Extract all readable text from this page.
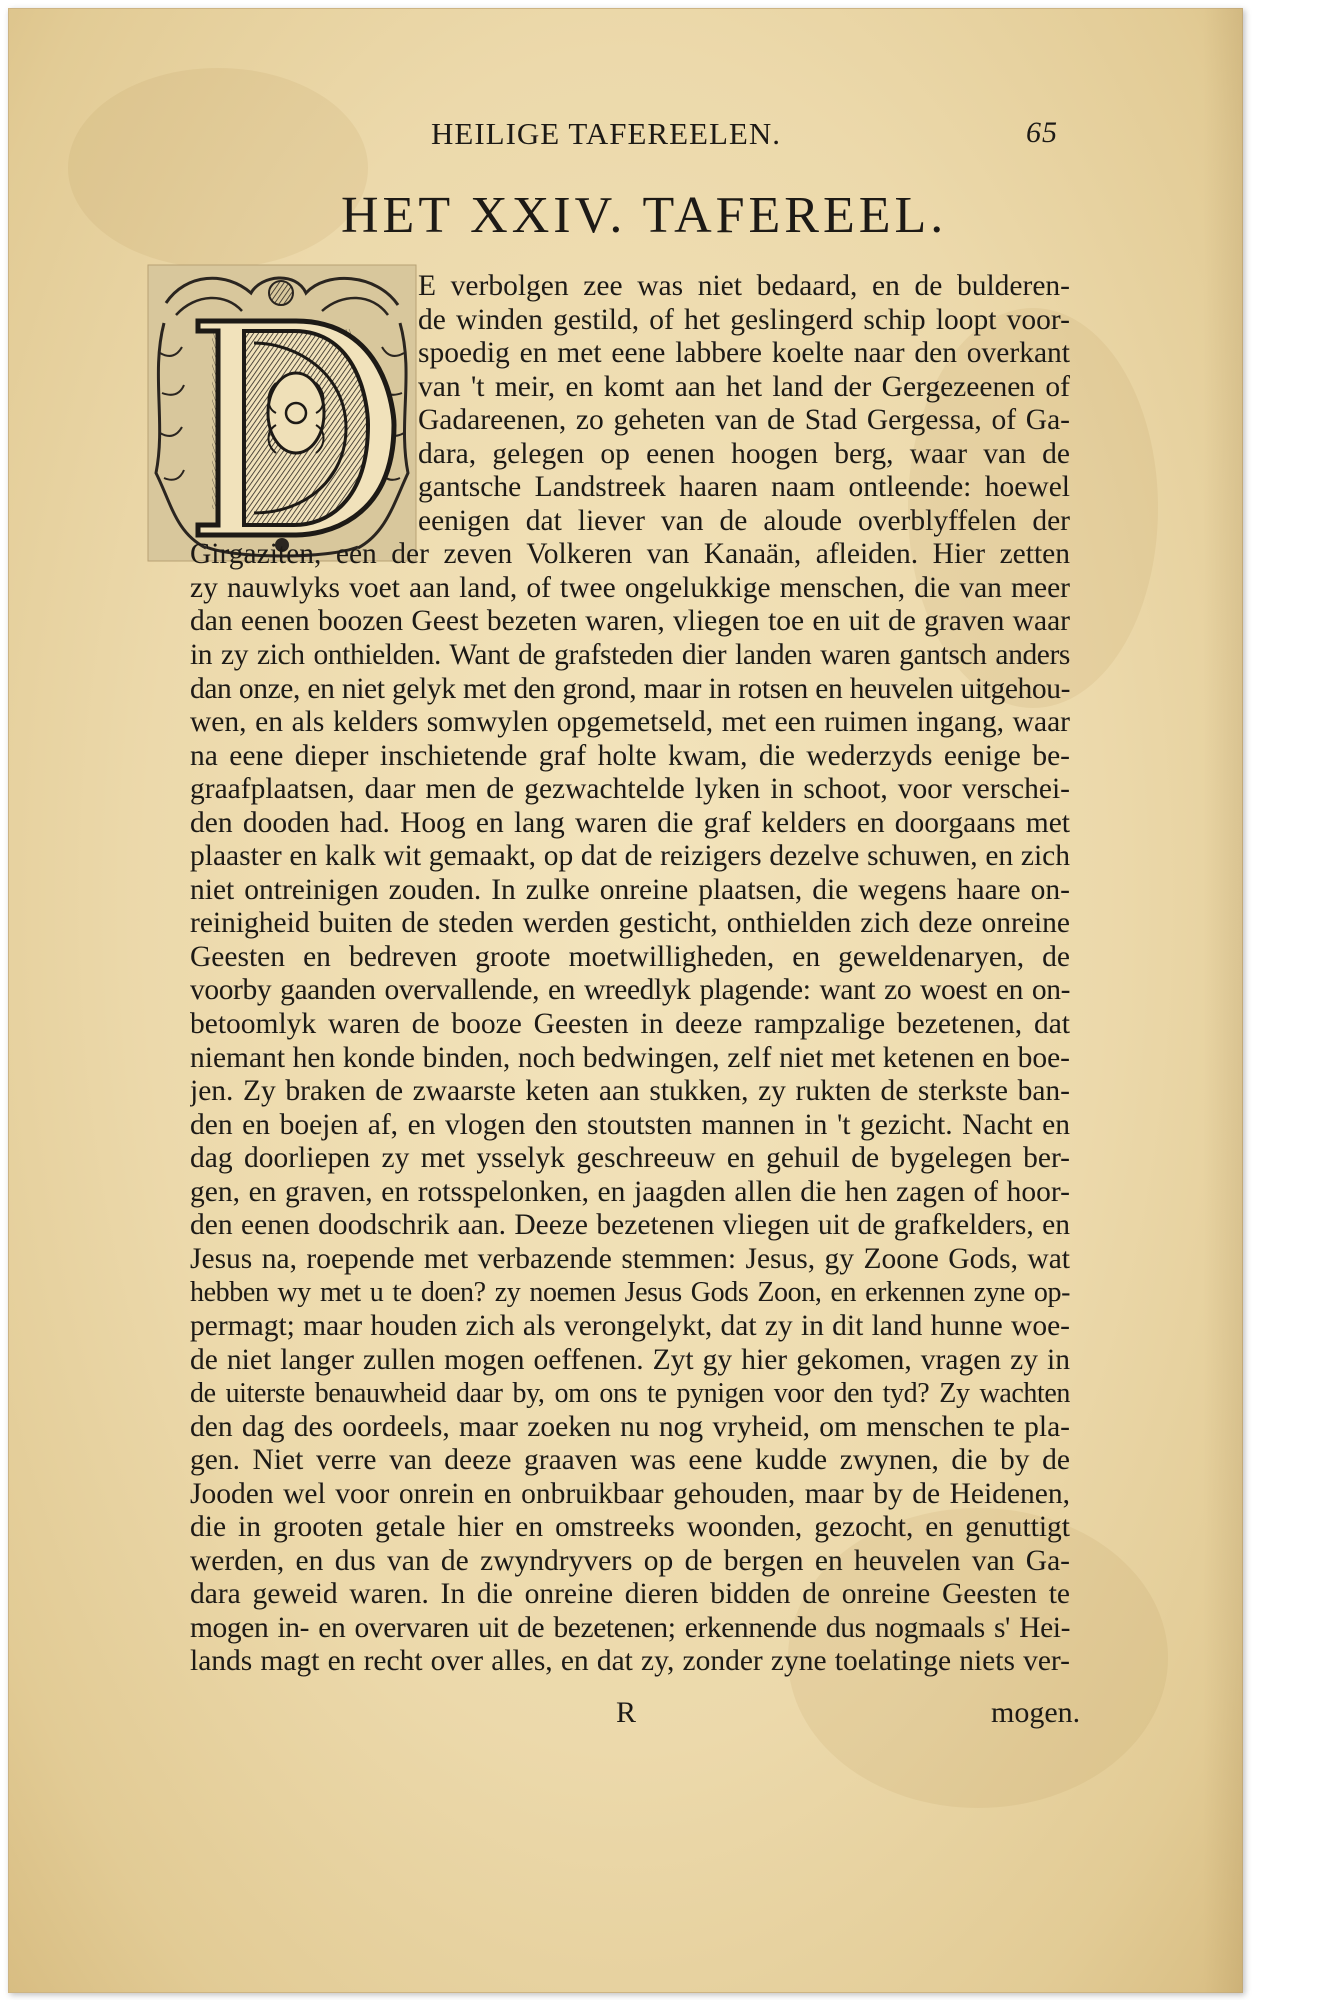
HEILIGE TAFEREELEN.	65
HET XXIV. TAFEREEL.
E verbolgen zee was niet bedaard, en de bulderen-
de winden gestild, of het geslingerd schip loopt voor-
spoedig en met eene labbere koelte naar den overkant
van 't meir, en komt aan het land der Gergezeenen of
Gadareenen, zo geheten van de Stad Gergessa, of Ga-
dara, gelegen op eenen hoogen berg, waar van de
gantsche Landstreek haaren naam ontleende: hoewel
eenigen dat liever van de aloude overblyffelen der
Girgaziten, een der zeven Volkeren van Kanaän, afleiden. Hier zetten
zy nauwlyks voet aan land, of twee ongelukkige menschen, die van meer
dan eenen boozen Geest bezeten waren, vliegen toe en uit de graven waar
in zy zich onthielden. Want de grafsteden dier landen waren gantsch anders
dan onze, en niet gelyk met den grond, maar in rotsen en heuvelen uitgehou-
wen, en als kelders somwylen opgemetseld, met een ruimen ingang, waar
na eene dieper inschietende graf holte kwam, die wederzyds eenige be-
graafplaatsen, daar men de gezwachtelde lyken in schoot, voor verschei-
den dooden had. Hoog en lang waren die graf kelders en doorgaans met
plaaster en kalk wit gemaakt, op dat de reizigers dezelve schuwen, en zich
niet ontreinigen zouden. In zulke onreine plaatsen, die wegens haare on-
reinigheid buiten de steden werden gesticht, onthielden zich deze onreine
Geesten en bedreven groote moetwilligheden, en geweldenaryen, de
voorby gaanden overvallende, en wreedlyk plagende: want zo woest en on-
betoomlyk waren de booze Geesten in deeze rampzalige bezetenen, dat
niemant hen konde binden, noch bedwingen, zelf niet met ketenen en boe-
jen. Zy braken de zwaarste keten aan stukken, zy rukten de sterkste ban-
den en boejen af, en vlogen den stoutsten mannen in 't gezicht. Nacht en
dag doorliepen zy met ysselyk geschreeuw en gehuil de bygelegen ber-
gen, en graven, en rotsspelonken, en jaagden allen die hen zagen of hoor-
den eenen doodschrik aan. Deeze bezetenen vliegen uit de grafkelders, en
Jesus na, roepende met verbazende stemmen: Jesus, gy Zoone Gods, wat
hebben wy met u te doen? zy noemen Jesus Gods Zoon, en erkennen zyne op-
permagt; maar houden zich als verongelykt, dat zy in dit land hunne woe-
de niet langer zullen mogen oeffenen. Zyt gy hier gekomen, vragen zy in
de uiterste benauwheid daar by, om ons te pynigen voor den tyd? Zy wachten
den dag des oordeels, maar zoeken nu nog vryheid, om menschen te pla-
gen. Niet verre van deeze graaven was eene kudde zwynen, die by de
Jooden wel voor onrein en onbruikbaar gehouden, maar by de Heidenen,
die in grooten getale hier en omstreeks woonden, gezocht, en genuttigt
werden, en dus van de zwyndryvers op de bergen en heuvelen van Ga-
dara geweid waren. In die onreine dieren bidden de onreine Geesten te
mogen in- en overvaren uit de bezetenen; erkennende dus nogmaals s' Hei-
lands magt en recht over alles, en dat zy, zonder zyne toelatinge niets ver-
R	mogen.
